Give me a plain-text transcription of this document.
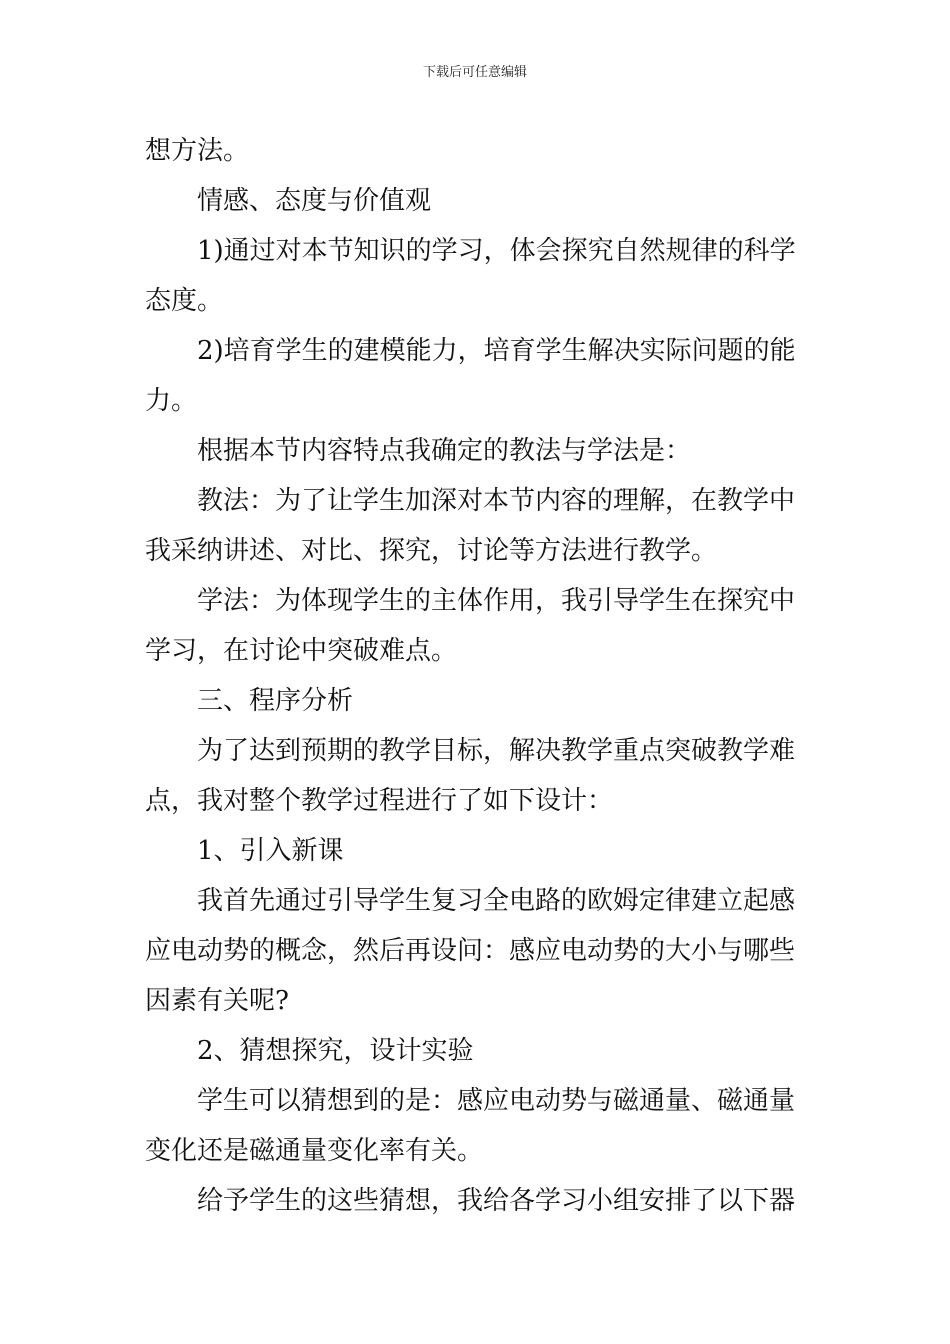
下载后可任意编辑
想方法。
情感、态度与价值观
1)通过对本节知识的学习，体会探究自然规律的科学
态度。
2)培育学生的建模能力，培育学生解决实际问题的能
力。
根据本节内容特点我确定的教法与学法是：
教法：为了让学生加深对本节内容的理解，在教学中
我采纳讲述、对比、探究，讨论等方法进行教学。
学法：为体现学生的主体作用，我引导学生在探究中
学习，在讨论中突破难点。
三、程序分析
为了达到预期的教学目标，解决教学重点突破教学难
点，我对整个教学过程进行了如下设计：
1、引入新课
我首先通过引导学生复习全电路的欧姆定律建立起感
应电动势的概念，然后再设问：感应电动势的大小与哪些
因素有关呢?
2、猜想探究，设计实验
学生可以猜想到的是：感应电动势与磁通量、磁通量
变化还是磁通量变化率有关。
给予学生的这些猜想，我给各学习小组安排了以下器
